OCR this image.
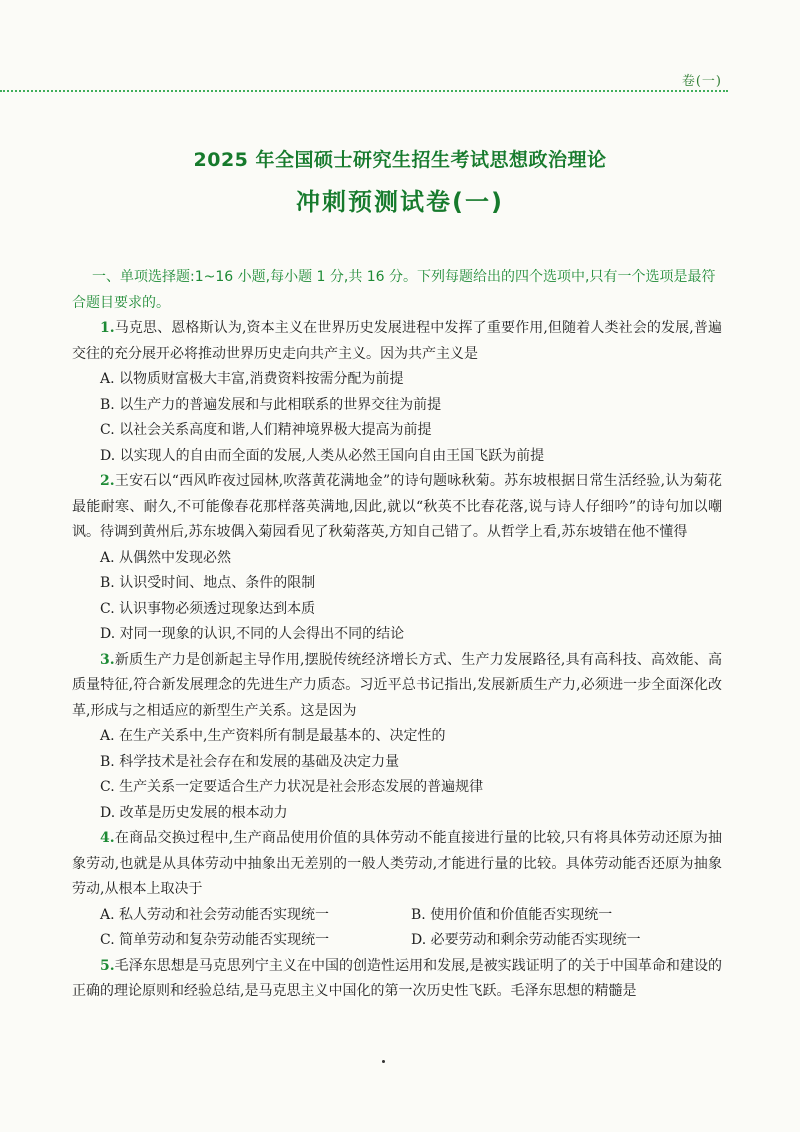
卷(一)
2025 年全国硕士研究生招生考试思想政治理论
冲刺预测试卷(一)
一、单项选择题:1~16 小题,每小题 1 分,共 16 分。下列每题给出的四个选项中,只有一个选项是最符合题目要求的。

1.马克思、恩格斯认为,资本主义在世界历史发展进程中发挥了重要作用,但随着人类社会的发展,普遍交往的充分展开必将推动世界历史走向共产主义。因为共产主义是

A. 以物质财富极大丰富,消费资料按需分配为前提

B. 以生产力的普遍发展和与此相联系的世界交往为前提

C. 以社会关系高度和谐,人们精神境界极大提高为前提

D. 以实现人的自由而全面的发展,人类从必然王国向自由王国飞跃为前提

2.王安石以“西风昨夜过园林,吹落黄花满地金”的诗句题咏秋菊。苏东坡根据日常生活经验,认为菊花最能耐寒、耐久,不可能像春花那样落英满地,因此,就以“秋英不比春花落,说与诗人仔细吟”的诗句加以嘲讽。待调到黄州后,苏东坡偶入菊园看见了秋菊落英,方知自己错了。从哲学上看,苏东坡错在他不懂得

A. 从偶然中发现必然

B. 认识受时间、地点、条件的限制

C. 认识事物必须透过现象达到本质

D. 对同一现象的认识,不同的人会得出不同的结论

3.新质生产力是创新起主导作用,摆脱传统经济增长方式、生产力发展路径,具有高科技、高效能、高质量特征,符合新发展理念的先进生产力质态。习近平总书记指出,发展新质生产力,必须进一步全面深化改革,形成与之相适应的新型生产关系。这是因为

A. 在生产关系中,生产资料所有制是最基本的、决定性的

B. 科学技术是社会存在和发展的基础及决定力量

C. 生产关系一定要适合生产力状况是社会形态发展的普遍规律

D. 改革是历史发展的根本动力

4.在商品交换过程中,生产商品使用价值的具体劳动不能直接进行量的比较,只有将具体劳动还原为抽象劳动,也就是从具体劳动中抽象出无差别的一般人类劳动,才能进行量的比较。具体劳动能否还原为抽象劳动,从根本上取决于

A. 私人劳动和社会劳动能否实现统一	B. 使用价值和价值能否实现统一
C. 简单劳动和复杂劳动能否实现统一	D. 必要劳动和剩余劳动能否实现统一

5.毛泽东思想是马克思列宁主义在中国的创造性运用和发展,是被实践证明了的关于中国革命和建设的正确的理论原则和经验总结,是马克思主义中国化的第一次历史性飞跃。毛泽东思想的精髓是
